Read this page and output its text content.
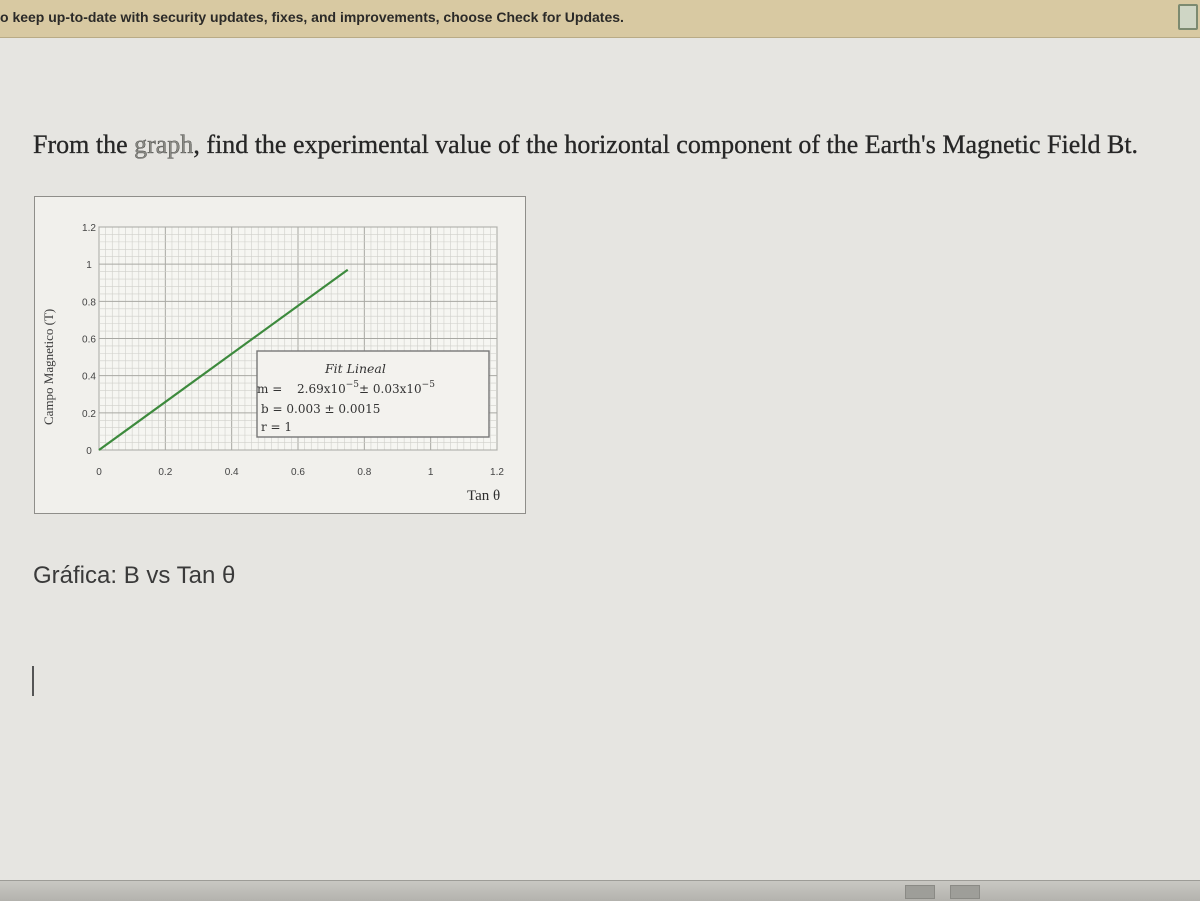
o keep up-to-date with security updates, fixes, and improvements, choose Check for Updates.
From the graph, find the experimental value of the horizontal component of the Earth's Magnetic Field Bt.
0	0.2	0.4	0.6	0.8	1	1.2
0
0.2
0.4
0.6
0.8
1
1.2
Campo Magnetico (T)
Tan θ
Fit Lineal
$m = 2.69x10^{-5}\pm 0.03x10^{-5}$
b = 0.003 ± 0.0015
r = 1
Gráfica: B vs Tan θ
